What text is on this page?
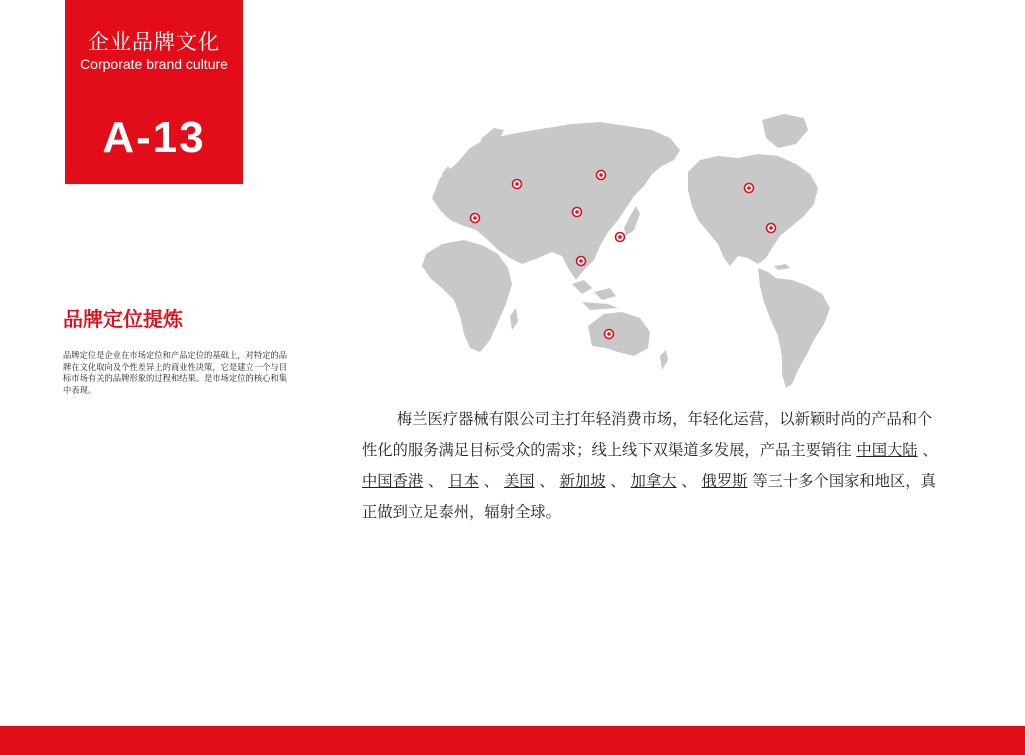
企业品牌文化
Corporate brand culture
A-13
品牌定位提炼
品牌定位是企业在市场定位和产品定位的基础上，对特定的品牌在文化取向及个性差异上的商业性决策，它是建立一个与目标市场有关的品牌形象的过程和结果。是市场定位的核心和集中表现。
梅兰医疗器械有限公司主打年轻消费市场，年轻化运营，以新颖时尚的产品和个性化的服务满足目标受众的需求；线上线下双渠道多发展，产品主要销往 中国大陆 、 中国香港 、 日本 、 美国 、 新加坡 、 加拿大 、 俄罗斯 等三十多个国家和地区，真正做到立足泰州，辐射全球。
